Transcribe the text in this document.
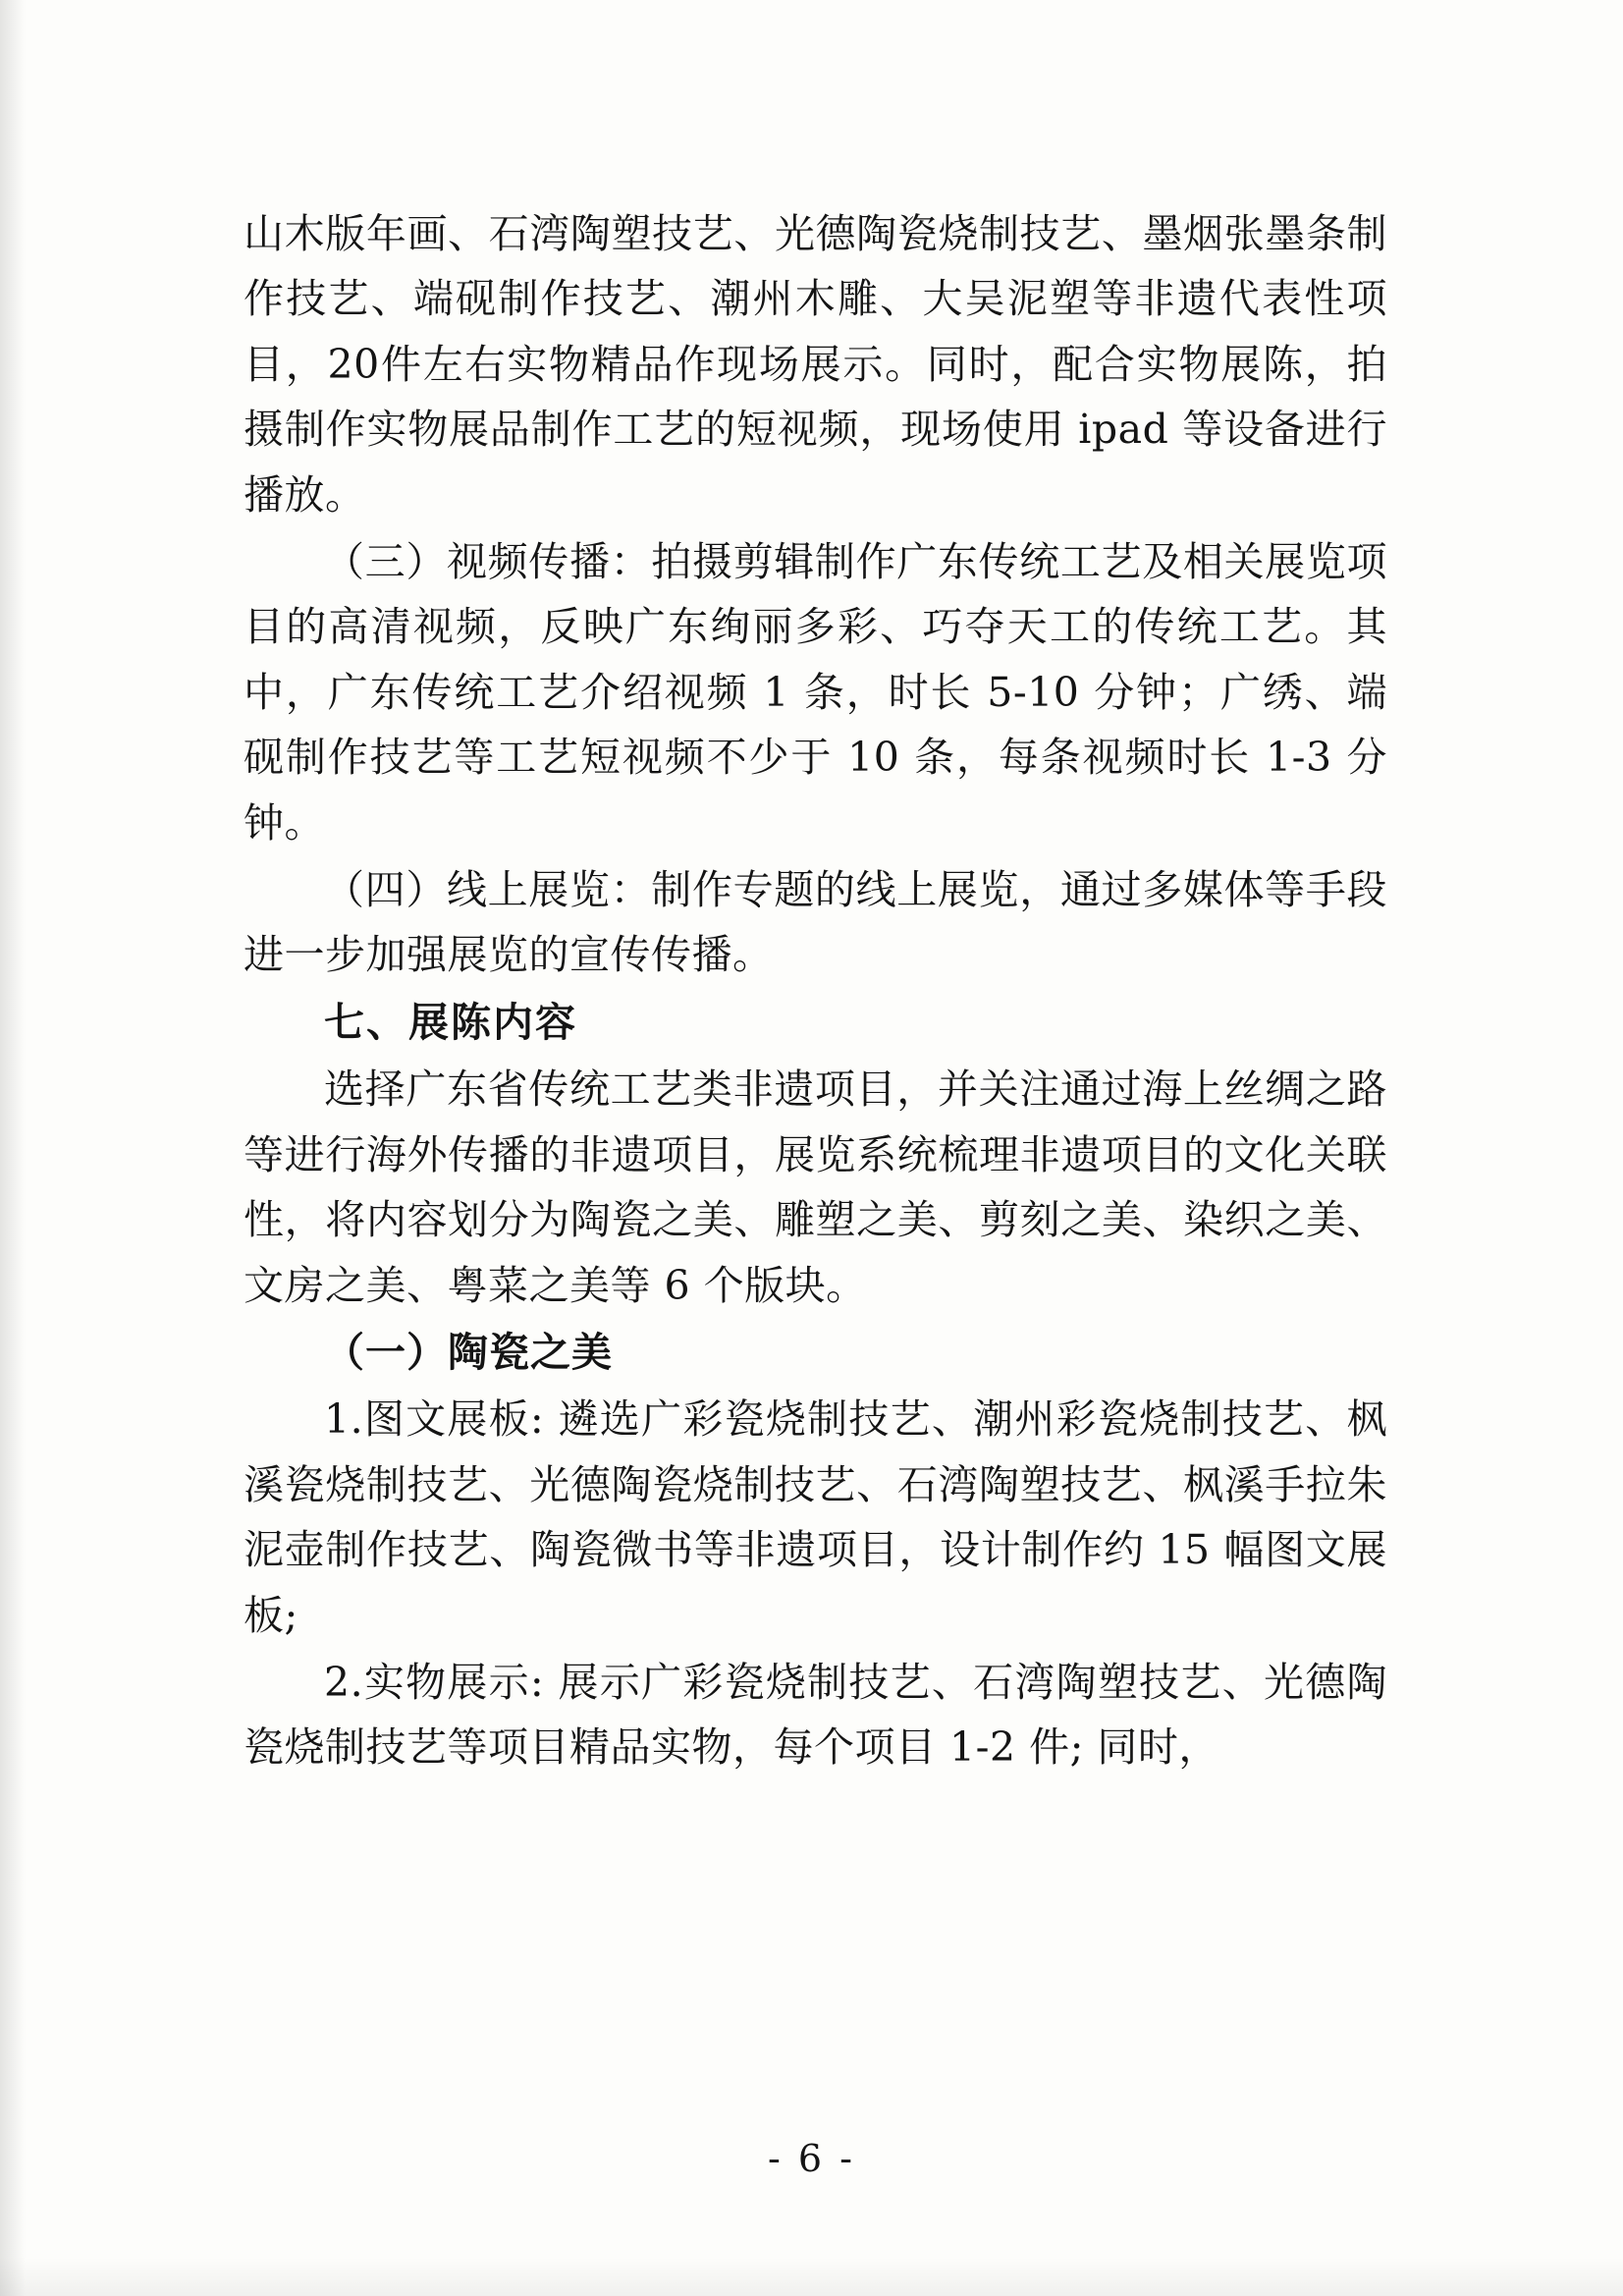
山木版年画、石湾陶塑技艺、光德陶瓷烧制技艺、墨烟张墨条制作技艺、端砚制作技艺、潮州木雕、大吴泥塑等非遗代表性项目，20件左右实物精品作现场展示。同时，配合实物展陈，拍摄制作实物展品制作工艺的短视频，现场使用 ipad 等设备进行播放。

（三）视频传播：拍摄剪辑制作广东传统工艺及相关展览项目的高清视频，反映广东绚丽多彩、巧夺天工的传统工艺。其中，广东传统工艺介绍视频 1 条，时长 5-10 分钟；广绣、端砚制作技艺等工艺短视频不少于 10 条，每条视频时长 1-3 分钟。

（四）线上展览：制作专题的线上展览，通过多媒体等手段进一步加强展览的宣传传播。

七、展陈内容

选择广东省传统工艺类非遗项目，并关注通过海上丝绸之路等进行海外传播的非遗项目，展览系统梳理非遗项目的文化关联性，将内容划分为陶瓷之美、雕塑之美、剪刻之美、染织之美、文房之美、粤菜之美等 6 个版块。

（一）陶瓷之美

1.图文展板: 遴选广彩瓷烧制技艺、潮州彩瓷烧制技艺、枫溪瓷烧制技艺、光德陶瓷烧制技艺、石湾陶塑技艺、枫溪手拉朱泥壶制作技艺、陶瓷微书等非遗项目，设计制作约 15 幅图文展板;

2.实物展示: 展示广彩瓷烧制技艺、石湾陶塑技艺、光德陶瓷烧制技艺等项目精品实物，每个项目 1-2 件; 同时，

- 6 -
